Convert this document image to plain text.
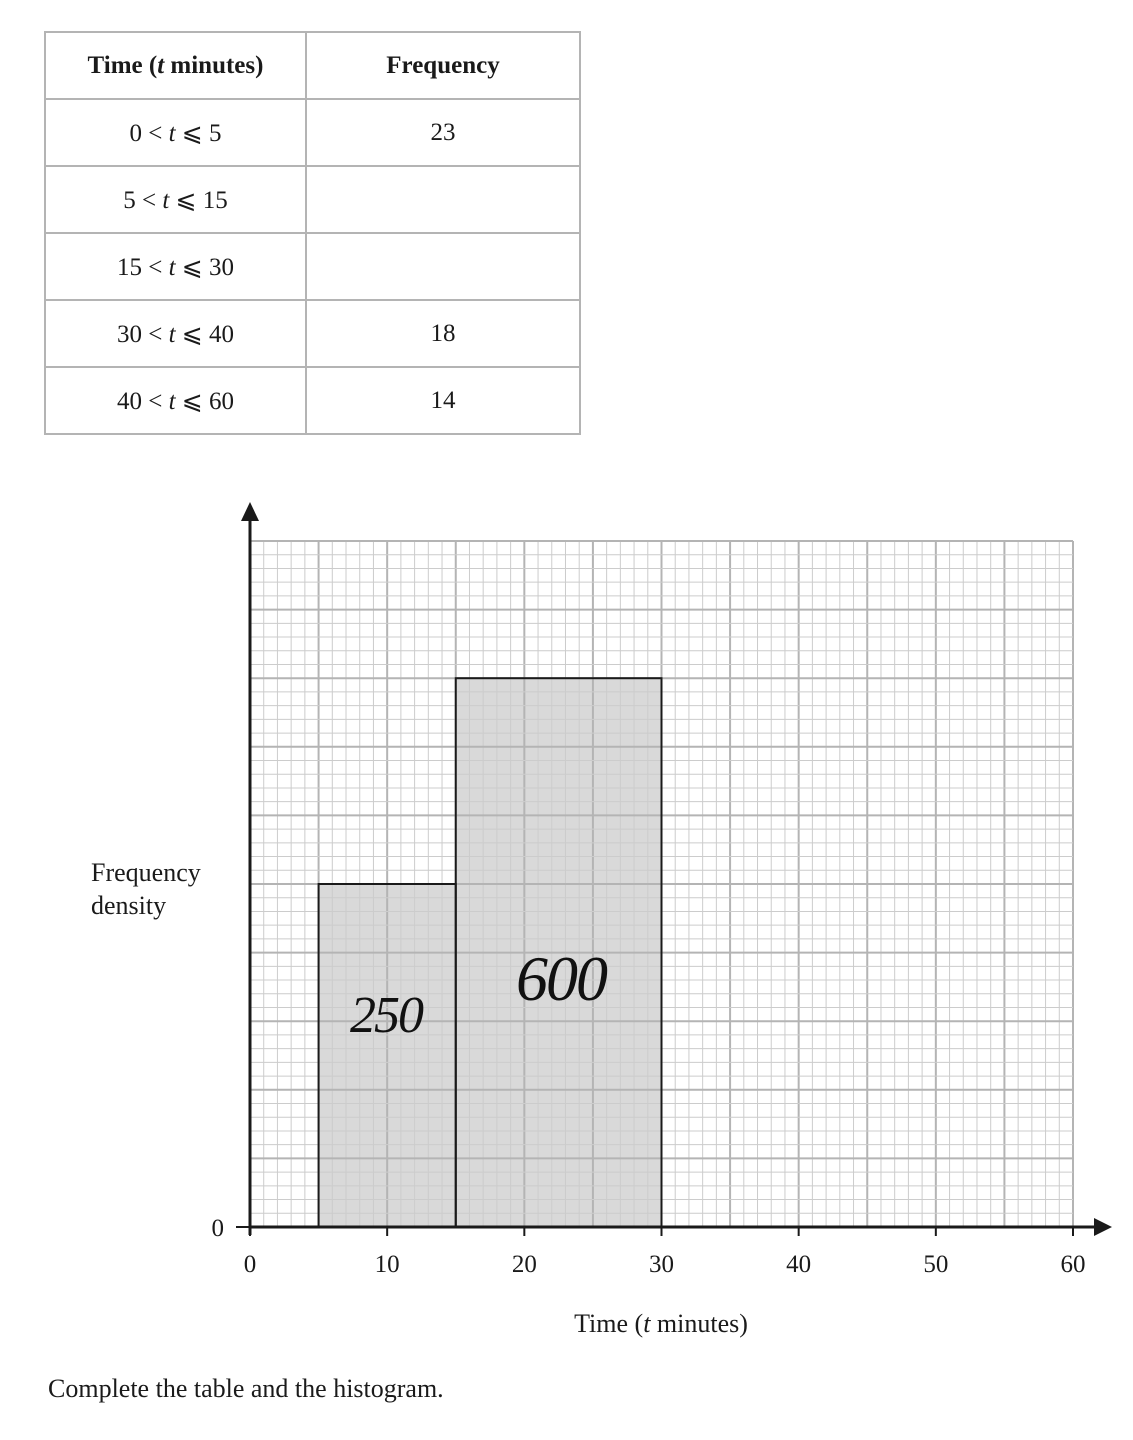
Time (t minutes)	Frequency
0 < t ⩽ 5	23
5 < t ⩽ 15	
15 < t ⩽ 30	
30 < t ⩽ 40	18
40 < t ⩽ 60	14
0	10	20	30	40	50	60
0
Time (t minutes)
Frequency density
250
600

Complete the table and the histogram.
